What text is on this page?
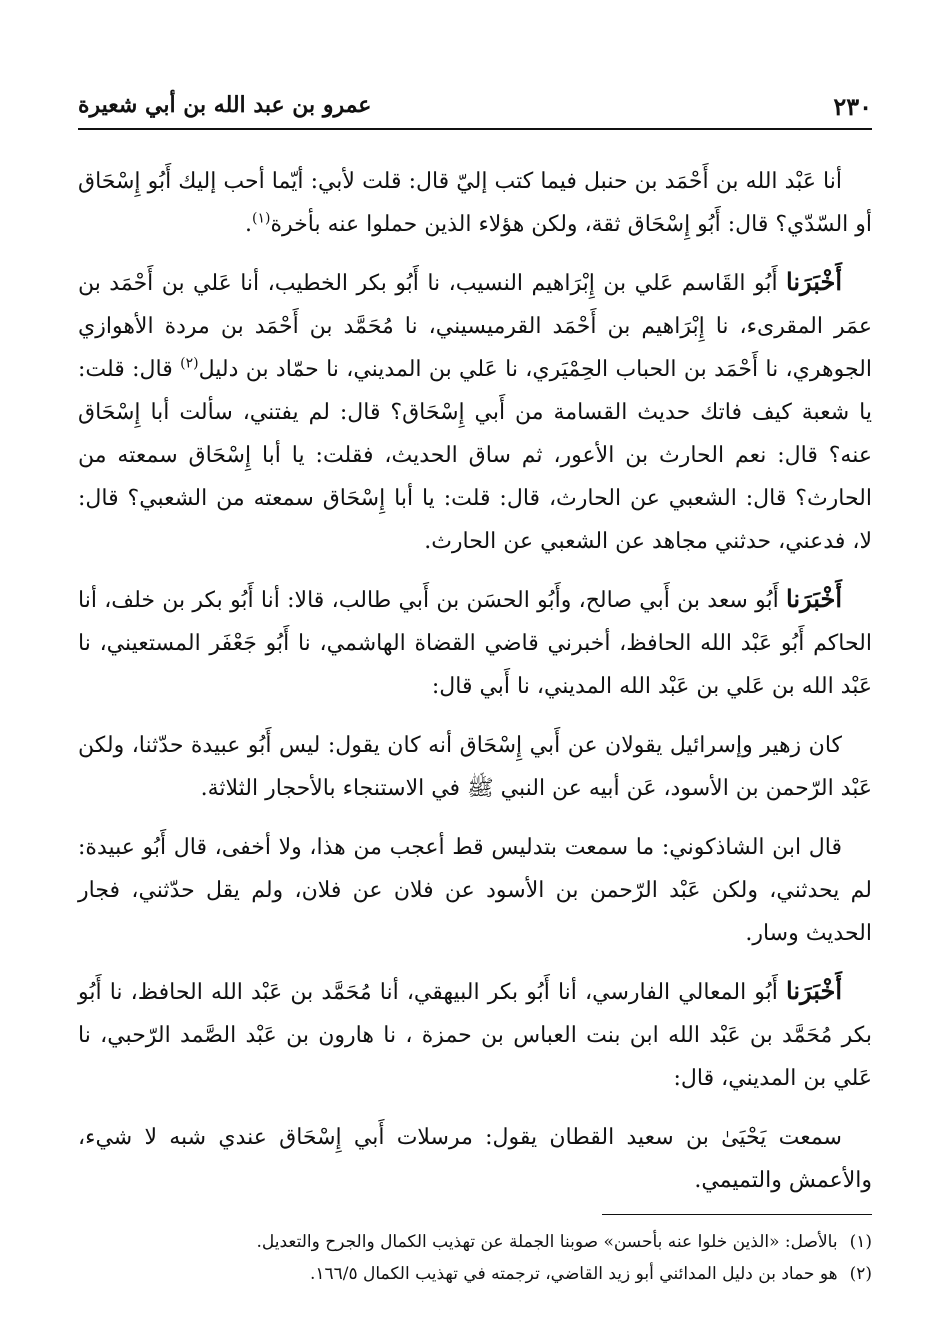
٢٣٠
عمرو بن عبد الله بن أبي شعيرة

أنا عَبْد الله بن أَحْمَد بن حنبل فيما كتب إليّ قال: قلت لأبي: أيّما أحب إليك أَبُو إِسْحَاق أو السّدّي؟ قال: أَبُو إِسْحَاق ثقة، ولكن هؤلاء الذين حملوا عنه بأخرة$^{(١)}$.

أَخْبَرَنا أَبُو القَاسم عَلي بن إِبْرَاهيم النسيب، نا أَبُو بكر الخطيب، أنا عَلي بن أَحْمَد بن عمَر المقرىء، نا إِبْرَاهيم بن أَحْمَد القرميسيني، نا مُحَمَّد بن أَحْمَد بن مردة الأهوازي الجوهري، نا أَحْمَد بن الحباب الحِمْيَري، نا عَلي بن المديني، نا حمّاد بن دليل$^{(٢)}$ قال: قلت: يا شعبة كيف فاتك حديث القسامة من أَبي إِسْحَاق؟ قال: لم يفتني، سألت أبا إِسْحَاق عنه؟ قال: نعم الحارث بن الأعور، ثم ساق الحديث، فقلت: يا أبا إِسْحَاق سمعته من الحارث؟ قال: الشعبي عن الحارث، قال: قلت: يا أبا إِسْحَاق سمعته من الشعبي؟ قال: لا، فدعني، حدثني مجاهد عن الشعبي عن الحارث.

أَخْبَرَنا أَبُو سعد بن أَبي صالح، وأَبُو الحسَن بن أَبي طالب، قالا: أنا أَبُو بكر بن خلف، أنا الحاكم أَبُو عَبْد الله الحافظ، أخبرني قاضي القضاة الهاشمي، نا أَبُو جَعْفَر المستعيني، نا عَبْد الله بن عَلي بن عَبْد الله المديني، نا أَبي قال:

كان زهير وإسرائيل يقولان عن أَبي إِسْحَاق أنه كان يقول: ليس أَبُو عبيدة حدّثنا، ولكن عَبْد الرّحمن بن الأسود، عَن أبيه عن النبي ﷺ في الاستنجاء بالأحجار الثلاثة.

قال ابن الشاذكوني: ما سمعت بتدليس قط أعجب من هذا، ولا أخفى، قال أَبُو عبيدة: لم يحدثني، ولكن عَبْد الرّحمن بن الأسود عن فلان عن فلان، ولم يقل حدّثني، فجار الحديث وسار.

أَخْبَرَنا أَبُو المعالي الفارسي، أنا أَبُو بكر البيهقي، أنا مُحَمَّد بن عَبْد الله الحافظ، نا أَبُو بكر مُحَمَّد بن عَبْد الله ابن بنت العباس بن حمزة ، نا هارون بن عَبْد الصَّمد الرّحبي، نا عَلي بن المديني، قال:

سمعت يَحْيَىٰ بن سعيد القطان يقول: مرسلات أَبي إِسْحَاق عندي شبه لا شيء، والأعمش والتميمي.

(١)بالأصل: «الذين خلوا عنه بأحسن» صوبنا الجملة عن تهذيب الكمال والجرح والتعديل.

(٢)هو حماد بن دليل المدائني أبو زيد القاضي، ترجمته في تهذيب الكمال ١٦٦/٥.
